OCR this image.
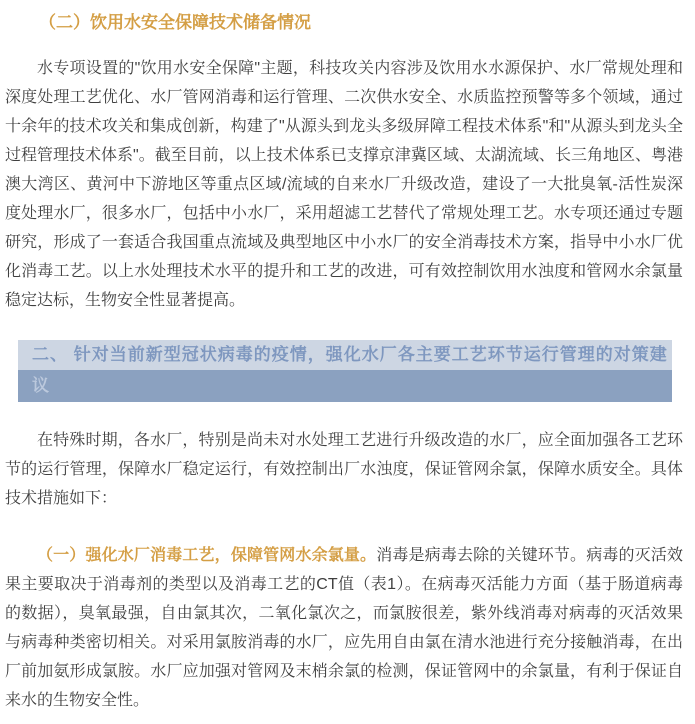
（二）饮用水安全保障技术储备情况

水专项设置的"饮用水安全保障"主题，科技攻关内容涉及饮用水水源保护、水厂常规处理和深度处理工艺优化、水厂管网消毒和运行管理、二次供水安全、水质监控预警等多个领域，通过十余年的技术攻关和集成创新，构建了"从源头到龙头多级屏障工程技术体系"和"从源头到龙头全过程管理技术体系"。截至目前，以上技术体系已支撑京津冀区域、太湖流域、长三角地区、粤港澳大湾区、黄河中下游地区等重点区域/流域的自来水厂升级改造，建设了一大批臭氧-活性炭深度处理水厂，很多水厂，包括中小水厂，采用超滤工艺替代了常规处理工艺。水专项还通过专题研究，形成了一套适合我国重点流域及典型地区中小水厂的安全消毒技术方案，指导中小水厂优化消毒工艺。以上水处理技术水平的提升和工艺的改进，可有效控制饮用水浊度和管网水余氯量稳定达标，生物安全性显著提高。

二、 针对当前新型冠状病毒的疫情，强化水厂各主要工艺环节运行管理的对策建
议

在特殊时期，各水厂，特别是尚未对水处理工艺进行升级改造的水厂，应全面加强各工艺环节的运行管理，保障水厂稳定运行，有效控制出厂水浊度，保证管网余氯，保障水质安全。具体技术措施如下：

（一）强化水厂消毒工艺，保障管网水余氯量。消毒是病毒去除的关键环节。病毒的灭活效果主要取决于消毒剂的类型以及消毒工艺的CT值（表1）。在病毒灭活能力方面（基于肠道病毒的数据），臭氧最强，自由氯其次，二氧化氯次之，而氯胺很差，紫外线消毒对病毒的灭活效果与病毒种类密切相关。对采用氯胺消毒的水厂，应先用自由氯在清水池进行充分接触消毒，在出厂前加氨形成氯胺。水厂应加强对管网及末梢余氯的检测，保证管网中的余氯量，有利于保证自来水的生物安全性。
